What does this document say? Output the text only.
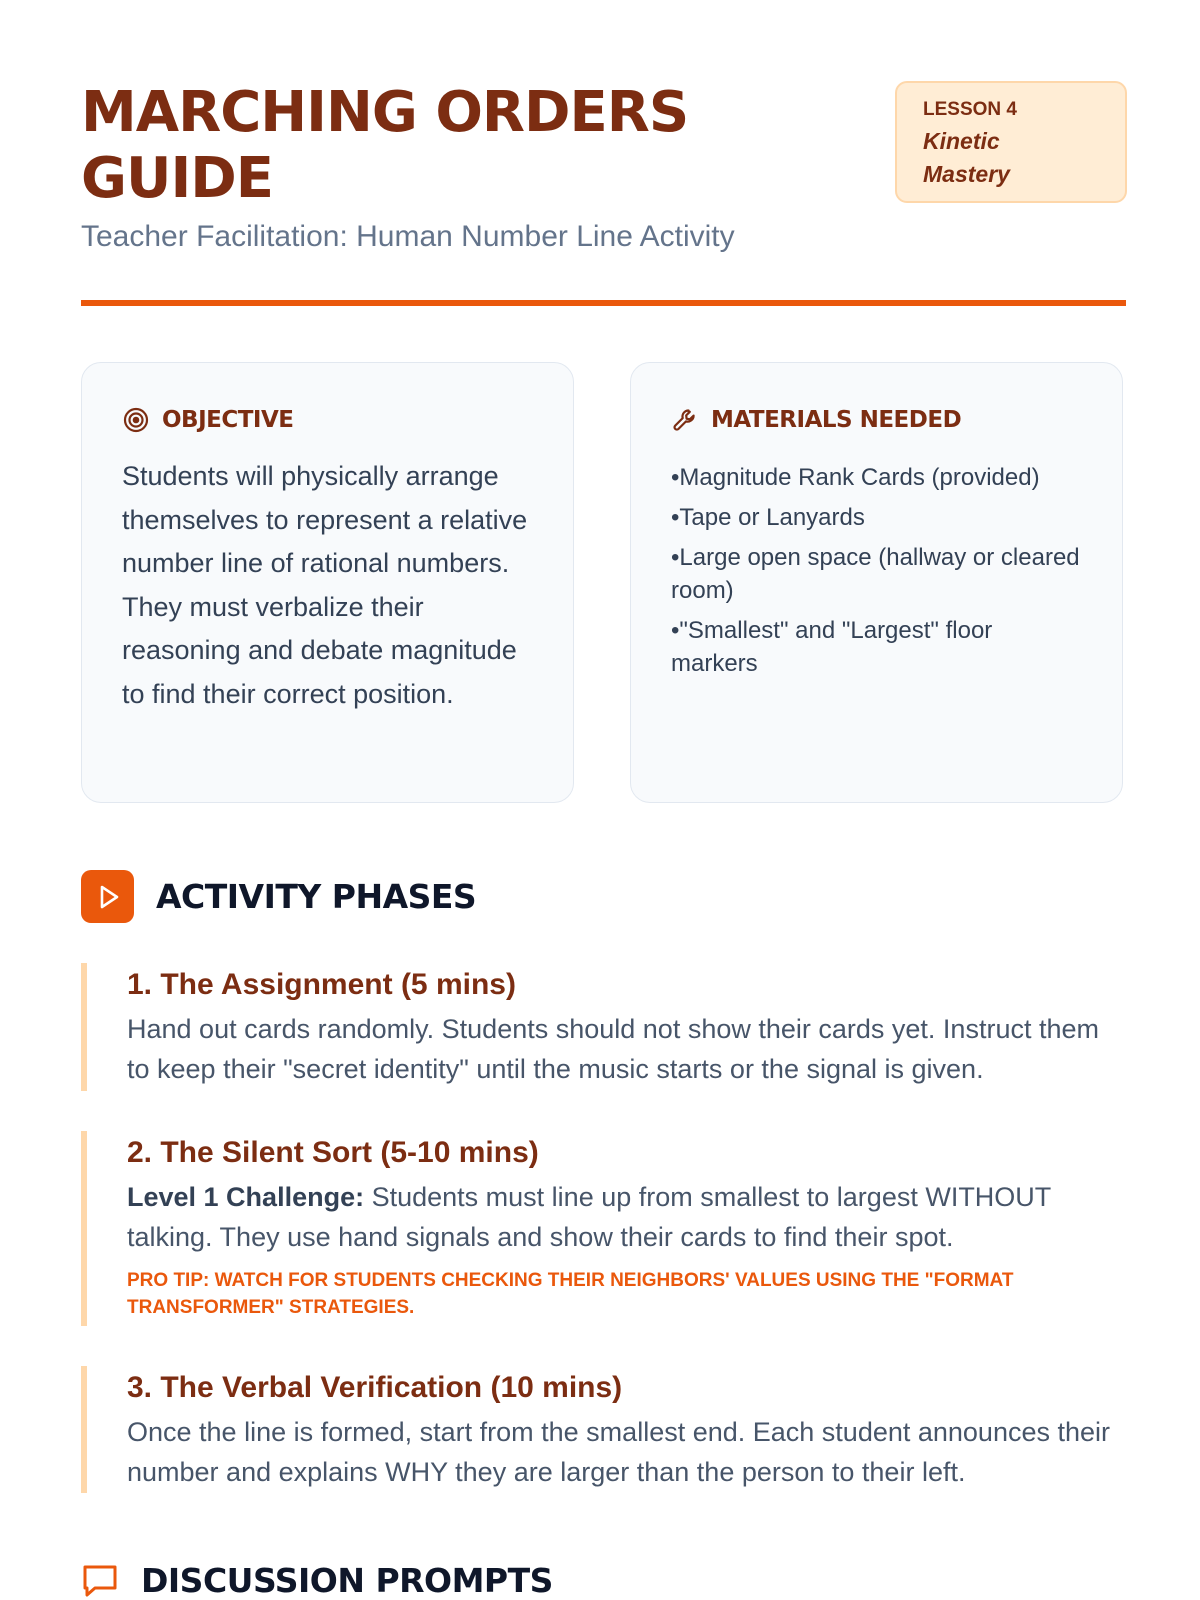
MARCHING ORDERS
GUIDE
Teacher Facilitation: Human Number Line Activity
LESSON 4
Kinetic
Mastery
OBJECTIVE

Students will physically arrange themselves to represent a relative number line of rational numbers. They must verbalize their reasoning and debate magnitude to find their correct position.

MATERIALS NEEDED
•Magnitude Rank Cards (provided)
•Tape or Lanyards
•Large open space (hallway or cleared room)
•"Smallest" and "Largest" floor markers
ACTIVITY PHASES
1. The Assignment (5 mins)

Hand out cards randomly. Students should not show their cards yet. Instruct them to keep their "secret identity" until the music starts or the signal is given.

2. The Silent Sort (5-10 mins)

Level 1 Challenge: Students must line up from smallest to largest WITHOUT talking. They use hand signals and show their cards to find their spot.

PRO TIP: WATCH FOR STUDENTS CHECKING THEIR NEIGHBORS' VALUES USING THE "FORMAT TRANSFORMER" STRATEGIES.
3. The Verbal Verification (10 mins)

Once the line is formed, start from the smallest end. Each student announces their number and explains WHY they are larger than the person to their left.

DISCUSSION PROMPTS
